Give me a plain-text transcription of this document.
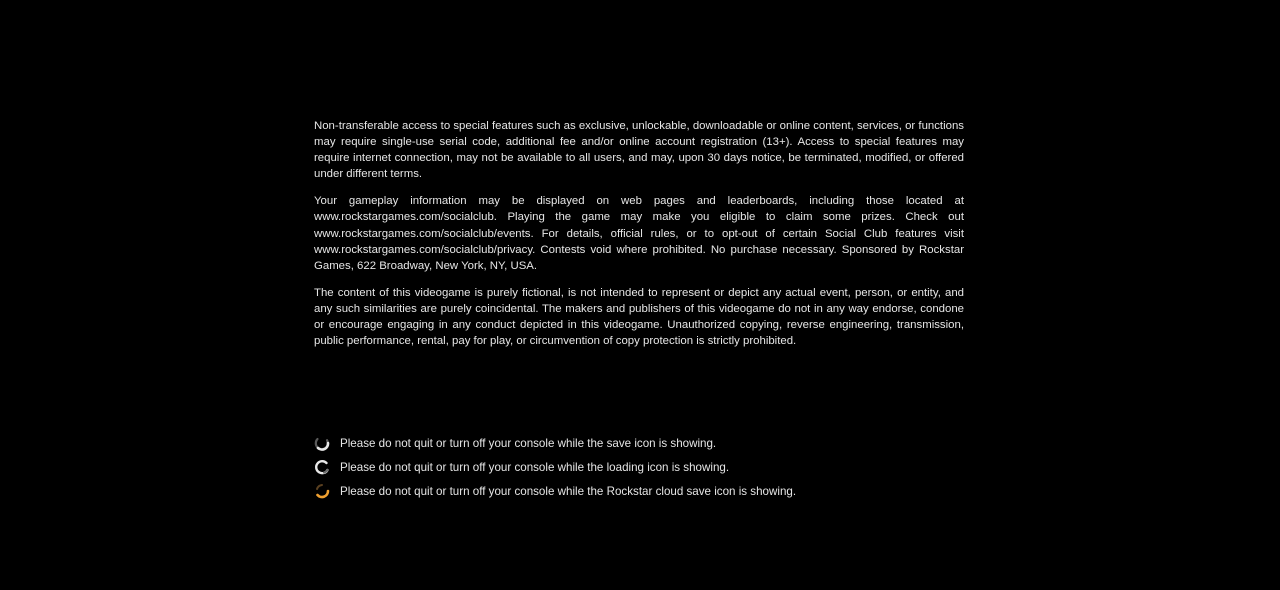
Non-transferable access to special features such as exclusive, unlockable, downloadable or online content, services, or functions may require single-use serial code, additional fee and/or online account registration (13+). Access to special features may require internet connection, may not be available to all users, and may, upon 30 days notice, be terminated, modified, or offered under different terms.

Your gameplay information may be displayed on web pages and leaderboards, including those located at www.rockstargames.com/socialclub. Playing the game may make you eligible to claim some prizes. Check out www.rockstargames.com/socialclub/events. For details, official rules, or to opt-out of certain Social Club features visit www.rockstargames.com/socialclub/privacy. Contests void where prohibited. No purchase necessary. Sponsored by Rockstar Games, 622 Broadway, New York, NY, USA.

The content of this videogame is purely fictional, is not intended to represent or depict any actual event, person, or entity, and any such similarities are purely coincidental. The makers and publishers of this videogame do not in any way endorse, condone or encourage engaging in any conduct depicted in this videogame. Unauthorized copying, reverse engineering, transmission, public performance, rental, pay for play, or circumvention of copy protection is strictly prohibited.

Please do not quit or turn off your console while the save icon is showing.
Please do not quit or turn off your console while the loading icon is showing.
Please do not quit or turn off your console while the Rockstar cloud save icon is showing.
